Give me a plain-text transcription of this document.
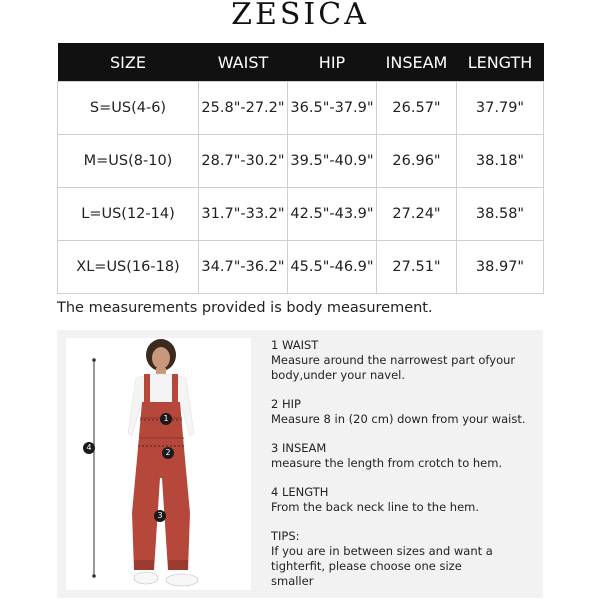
ZESICA
SIZE	WAIST	HIP	INSEAM	LENGTH
S=US(4-6)	25.8"-27.2"	36.5"-37.9"	26.57"	37.79"
M=US(8-10)	28.7"-30.2"	39.5"-40.9"	26.96"	38.18"
L=US(12-14)	31.7"-33.2"	42.5"-43.9"	27.24"	38.58"
XL=US(16-18)	34.7"-36.2"	45.5"-46.9"	27.51"	38.97"
The measurements provided is body measurement.
1
2
3
4
1 WAIST
Measure around the narrowest part ofyour
body,under your navel.
2 HIP
Measure 8 in (20 cm) down from your waist.
3 INSEAM
measure the length from crotch to hem.
4 LENGTH
From the back neck line to the hem.
TIPS:
If you are in between sizes and want a
tighterfit, please choose one size
smaller
